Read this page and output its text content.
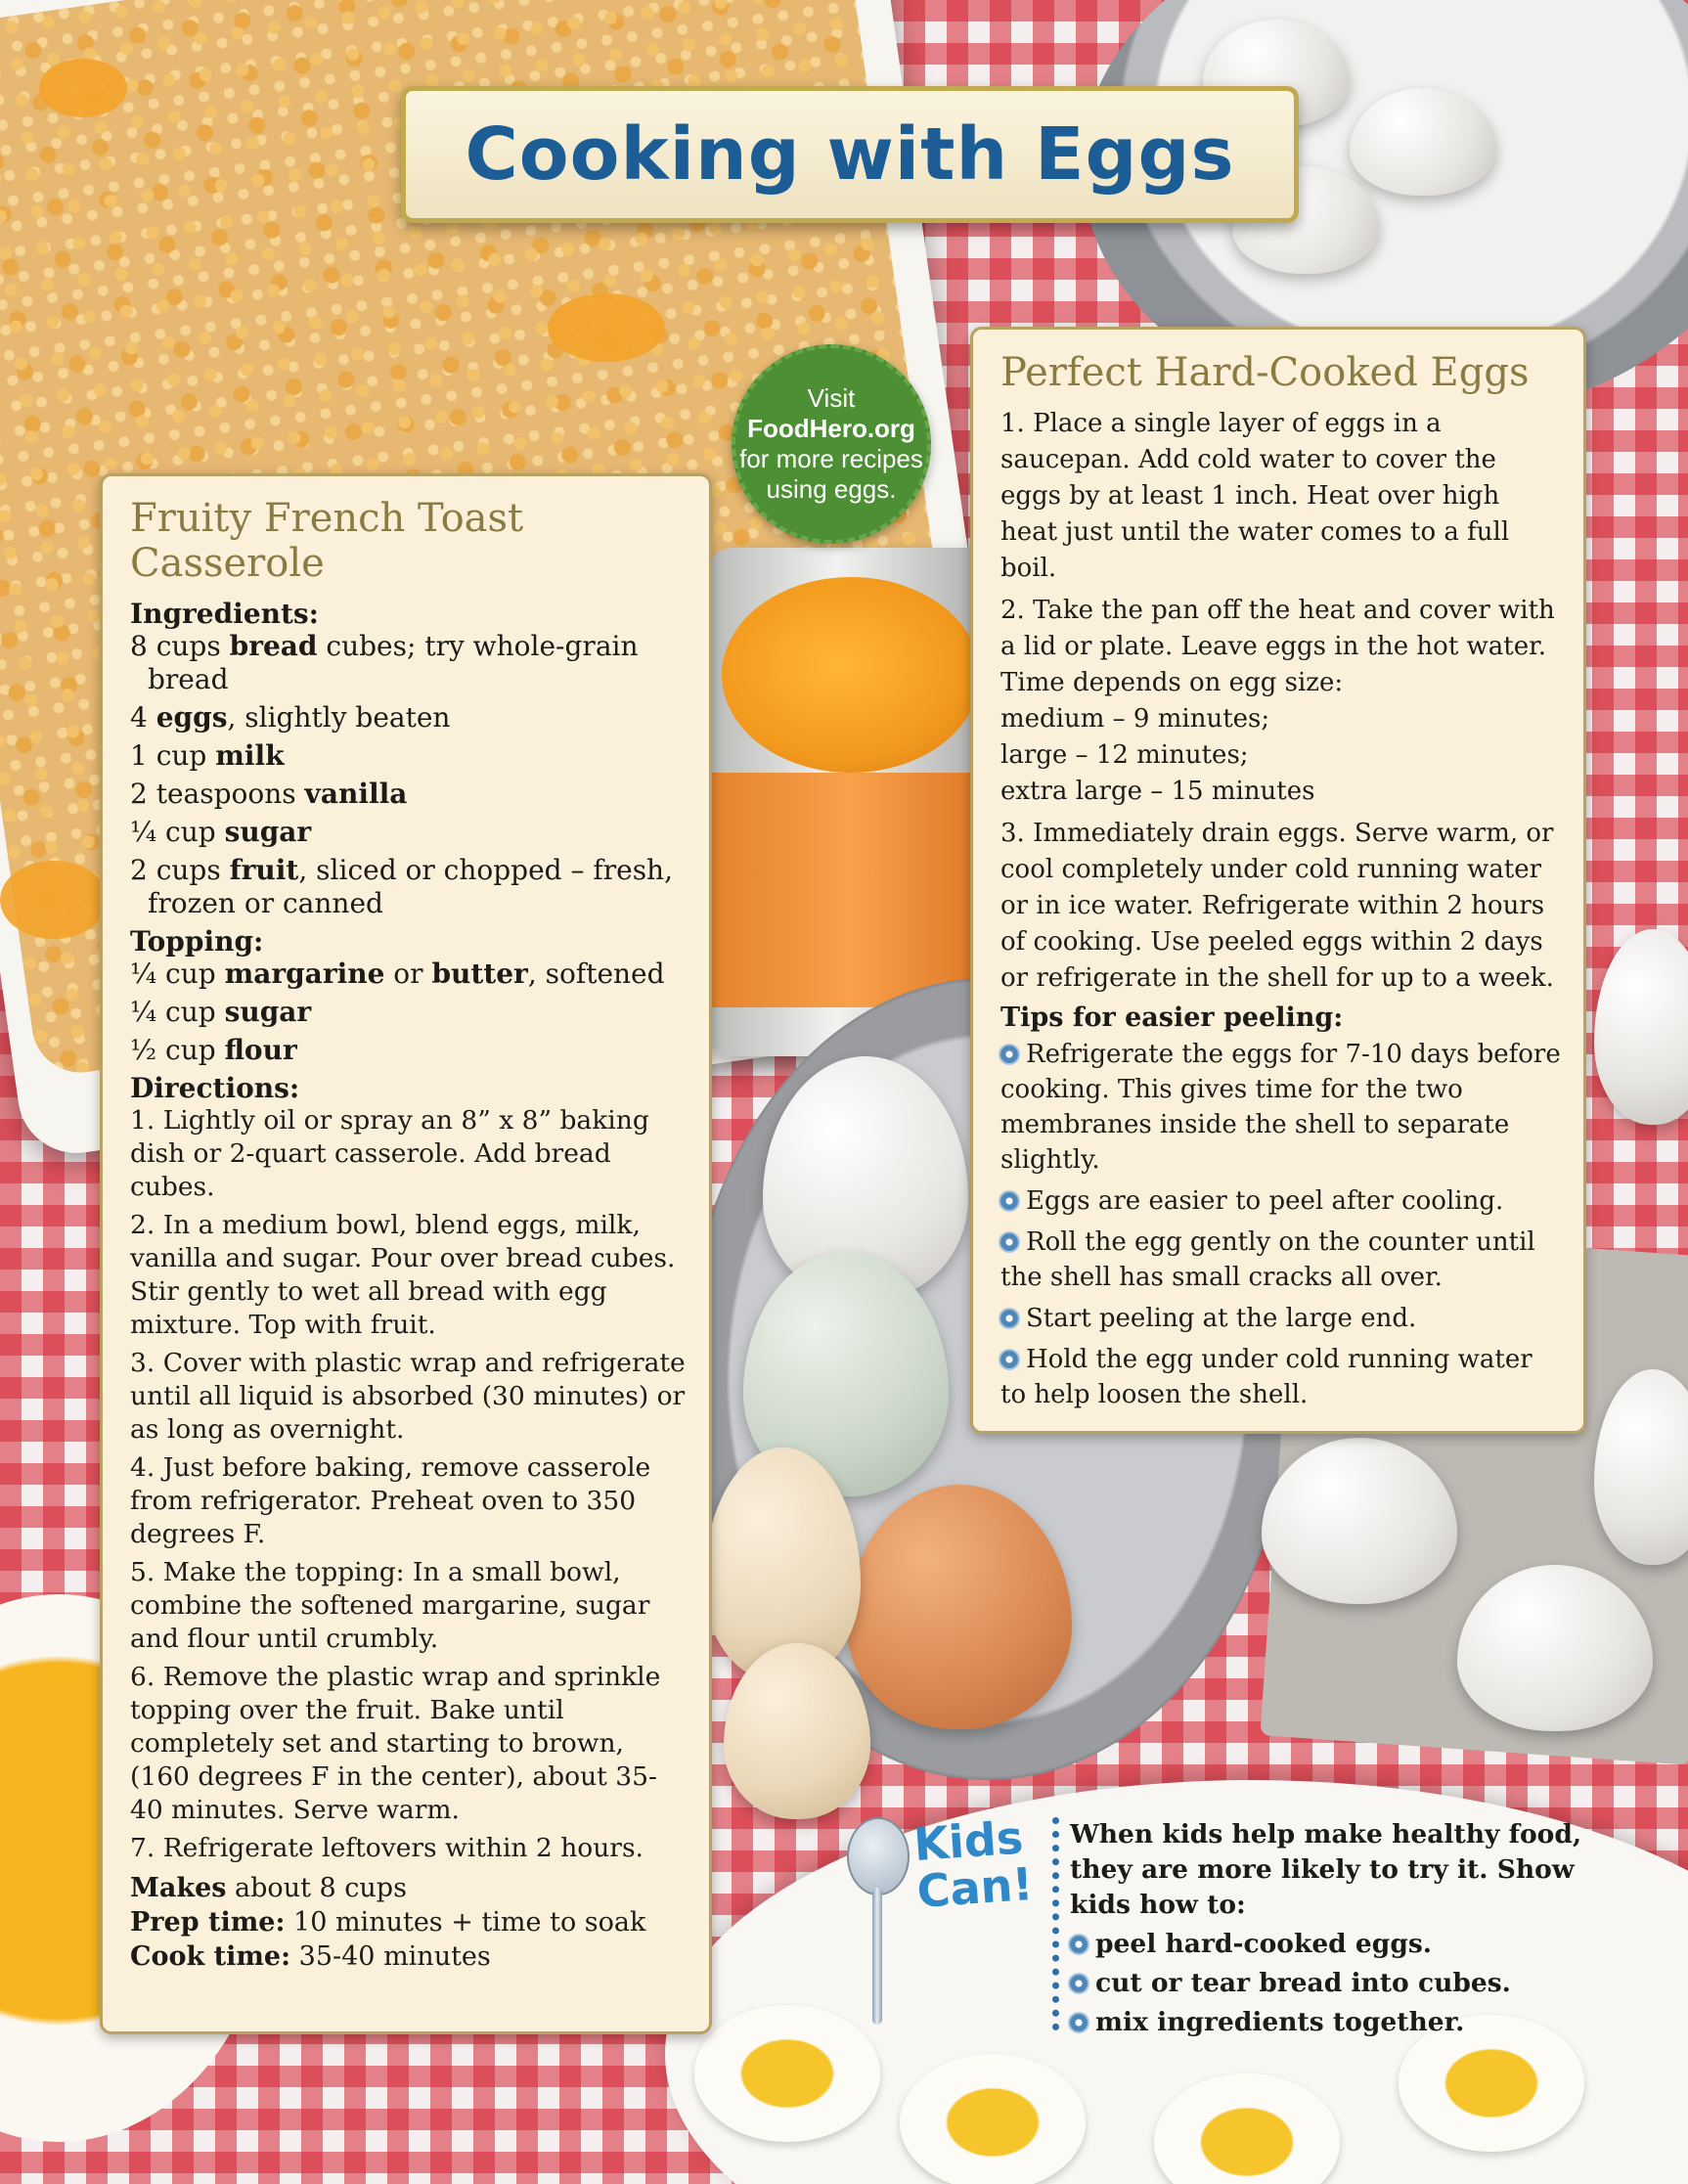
Cooking with Eggs
Visit
FoodHero.org
for more recipes
using eggs.
Fruity French Toast Casserole
Ingredients:
8 cups bread cubes; try whole-grain bread
4 eggs, slightly beaten
1 cup milk
2 teaspoons vanilla
¼ cup sugar
2 cups fruit, sliced or chopped – fresh, frozen or canned
Topping:
¼ cup margarine or butter, softened
¼ cup sugar
½ cup flour
Directions:
1. Lightly oil or spray an 8” x 8” baking dish or 2-quart casserole. Add bread cubes.
2. In a medium bowl, blend eggs, milk, vanilla and sugar. Pour over bread cubes. Stir gently to wet all bread with egg mixture. Top with fruit.
3. Cover with plastic wrap and refrigerate until all liquid is absorbed (30 minutes) or as long as overnight.
4. Just before baking, remove casserole from refrigerator. Preheat oven to 350 degrees F.
5. Make the topping: In a small bowl, combine the softened margarine, sugar and flour until crumbly.
6. Remove the plastic wrap and sprinkle topping over the fruit. Bake until completely set and starting to brown, (160 degrees F in the center), about 35-40 minutes. Serve warm.
7. Refrigerate leftovers within 2 hours.
Makes about 8 cups
Prep time: 10 minutes + time to soak
Cook time: 35-40 minutes
Perfect Hard-Cooked Eggs

1. Place a single layer of eggs in a saucepan. Add cold water to cover the eggs by at least 1 inch. Heat over high heat just until the water comes to a full boil.

2. Take the pan off the heat and cover with a lid or plate. Leave eggs in the hot water. Time depends on egg size:

medium – 9 minutes;
large – 12 minutes;
extra large – 15 minutes

3. Immediately drain eggs. Serve warm, or cool completely under cold running water or in ice water. Refrigerate within 2 hours of cooking. Use peeled eggs within 2 days or refrigerate in the shell for up to a week.

Tips for easier peeling:
Refrigerate the eggs for 7-10 days before cooking. This gives time for the two membranes inside the shell to separate slightly.
Eggs are easier to peel after cooling.
Roll the egg gently on the counter until the shell has small cracks all over.
Start peeling at the large end.
Hold the egg under cold running water to help loosen the shell.
Kids
Can!
When kids help make healthy food, they are more likely to try it. Show kids how to:
peel hard-cooked eggs.
cut or tear bread into cubes.
mix ingredients together.
